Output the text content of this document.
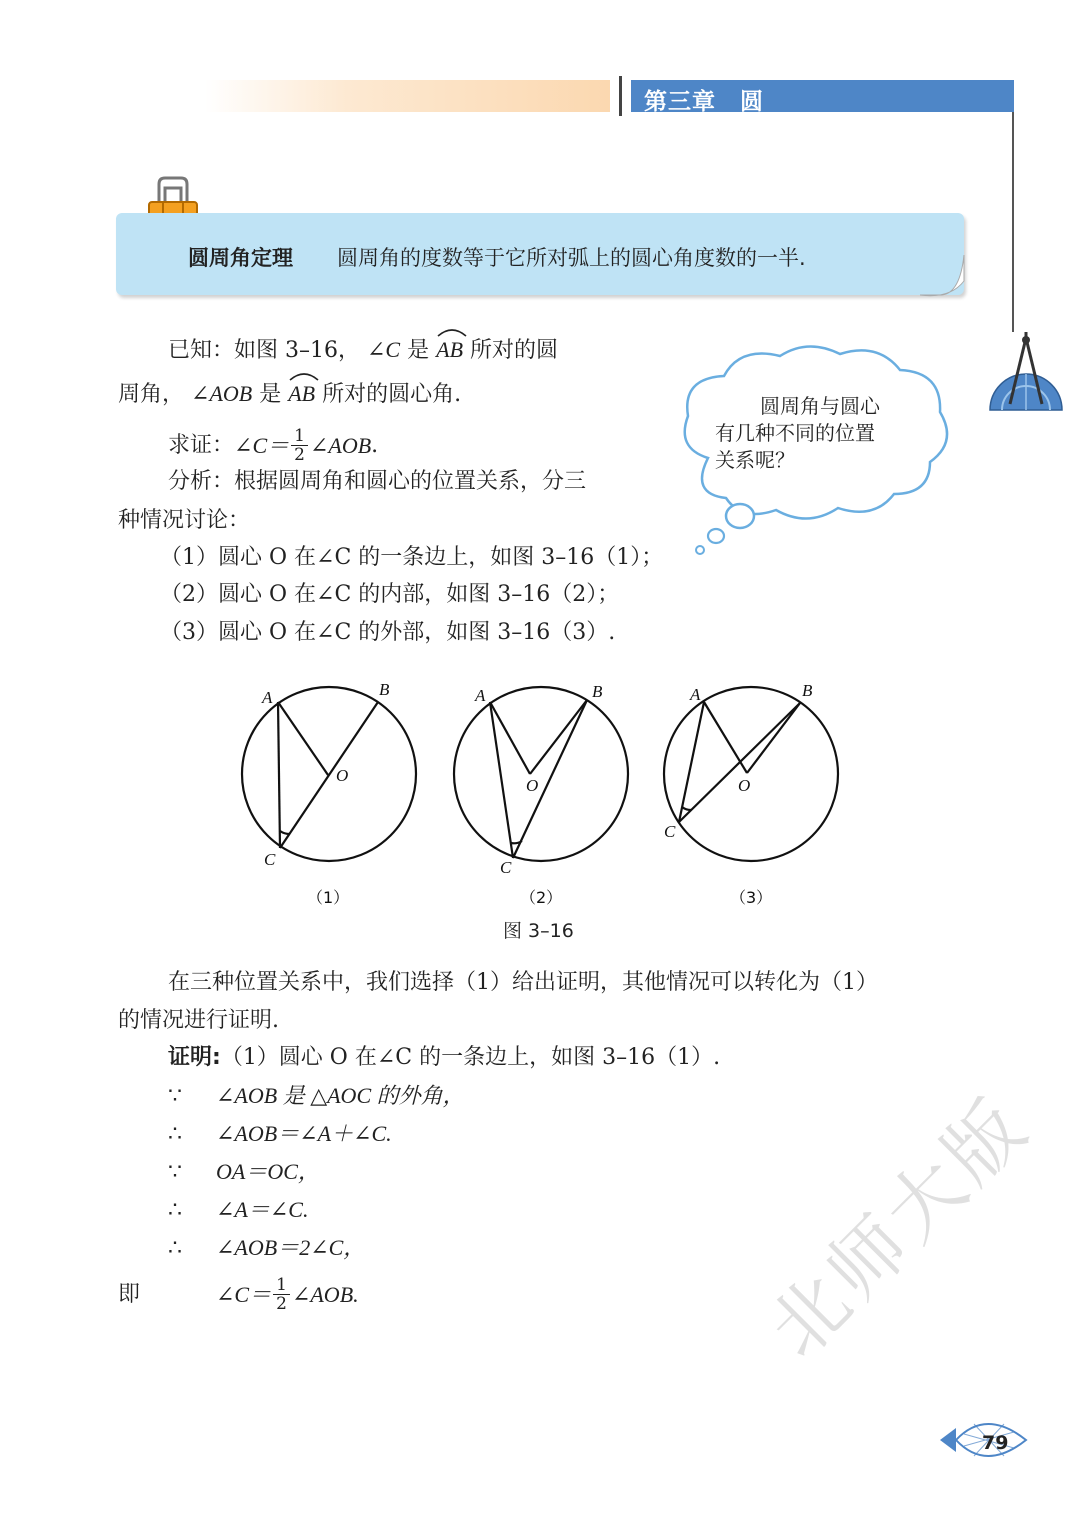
第三章　圆
圆周角定理 圆周角的度数等于它所对弧上的圆心角度数的一半.
已知：如图 3–16， ∠C 是 AB 所对的圆
周角， ∠AOB 是 AB 所对的圆心角.
求证： ∠C＝ $\frac{1}{2}$ ∠AOB .
分析：根据圆周角和圆心的位置关系，分三
种情况讨论：
（1）圆心 O 在∠C 的一条边上，如图 3–16（1）；
（2）圆心 O 在∠C 的内部，如图 3–16（2）；
（3）圆心 O 在∠C 的外部，如图 3–16（3）.
圆周角与圆心
有几种不同的位置
关系呢？
A	B
O
C
A	B
O
C
A	B
O
C
（1）	（2）	（3）
图 3–16
在三种位置关系中，我们选择（1）给出证明，其他情况可以转化为（1）
的情况进行证明.
证明:（1）圆心 O 在∠C 的一条边上，如图 3–16（1）.
∵ ∠AOB 是 △AOC 的外角，
∴ ∠AOB＝∠A＋∠C.
∵ OA＝OC，
∴ ∠A＝∠C.
∴ ∠AOB＝2∠C，
即	∠C＝ $\frac{1}{2}$ ∠AOB.	北师大版
79
